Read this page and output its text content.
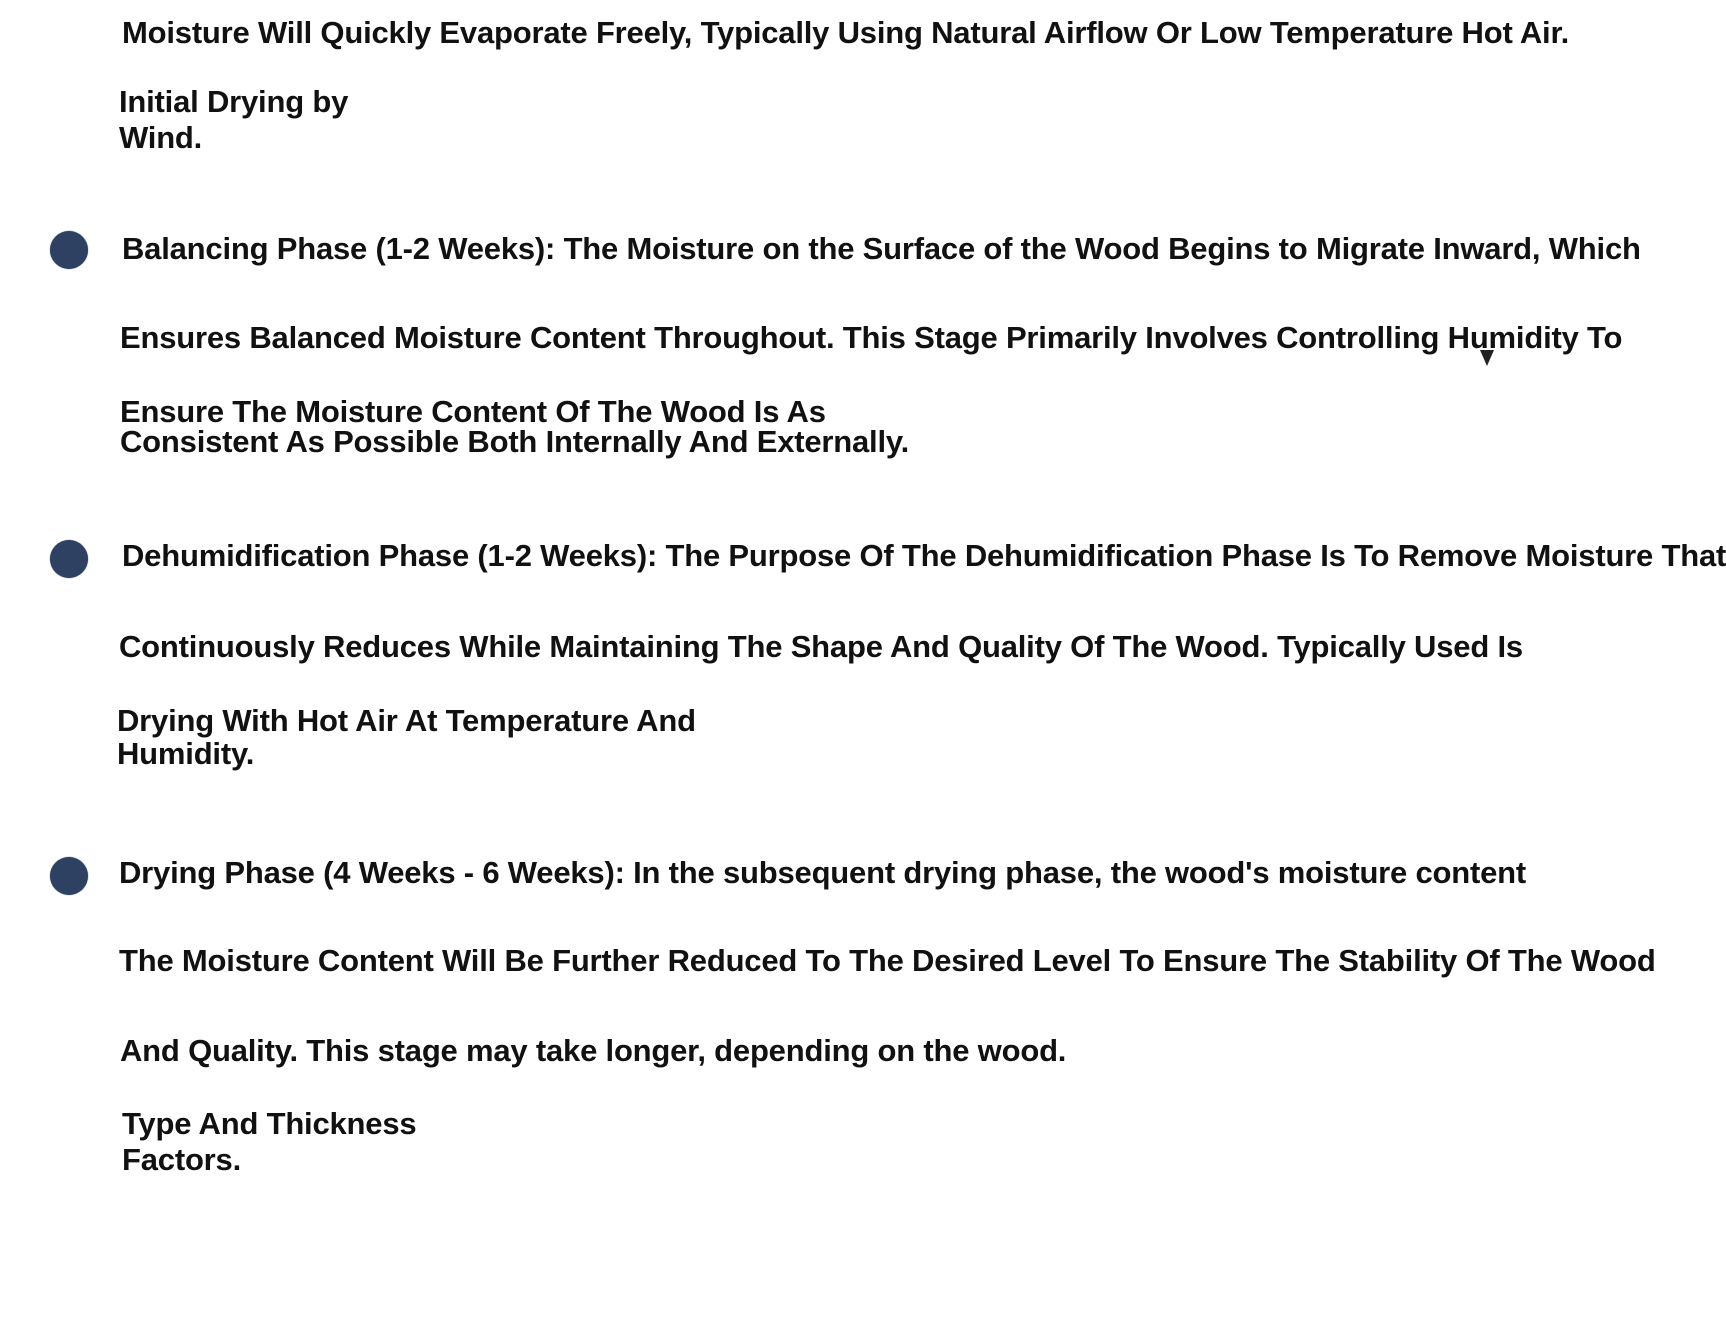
Moisture Will Quickly Evaporate Freely, Typically Using Natural Airflow Or Low Temperature Hot Air.
Initial Drying by
Wind.
Balancing Phase (1-2 Weeks): The Moisture on the Surface of the Wood Begins to Migrate Inward, Which
Ensures Balanced Moisture Content Throughout. This Stage Primarily Involves Controlling Humidity To
Ensure The Moisture Content Of The Wood Is As
Consistent As Possible Both Internally And Externally.
Dehumidification Phase (1-2 Weeks): The Purpose Of The Dehumidification Phase Is To Remove Moisture That
Continuously Reduces While Maintaining The Shape And Quality Of The Wood. Typically Used Is
Drying With Hot Air At Temperature And
Humidity.
Drying Phase (4 Weeks - 6 Weeks): In the subsequent drying phase, the wood's moisture content
The Moisture Content Will Be Further Reduced To The Desired Level To Ensure The Stability Of The Wood
And Quality. This stage may take longer, depending on the wood.
Type And Thickness
Factors.
